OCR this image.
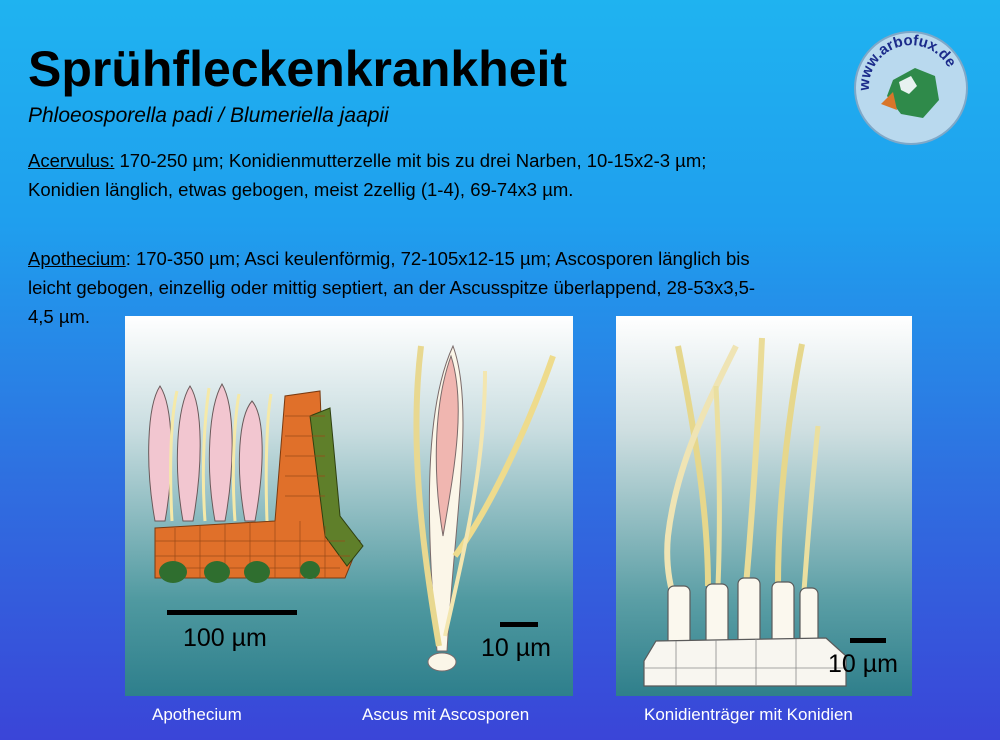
Sprühfleckenkrankheit
Phloeosporella padi / Blumeriella jaapii
www.arbofux.de
Acervulus: 170-250 µm; Konidienmutterzelle mit bis zu drei Narben, 10-15x2-3 µm;
Konidien länglich, etwas gebogen, meist 2zellig (1-4), 69-74x3 µm.
Apothecium: 170-350 µm; Asci keulenförmig, 72-105x12-15 µm; Ascosporen länglich bis
leicht gebogen, einzellig oder mittig septiert, an der Ascusspitze überlappend, 28-53x3,5-
4,5 µm.
100 µm	10 µm
10 µm
Apothecium	Ascus mit Ascosporen	Konidienträger mit Konidien
